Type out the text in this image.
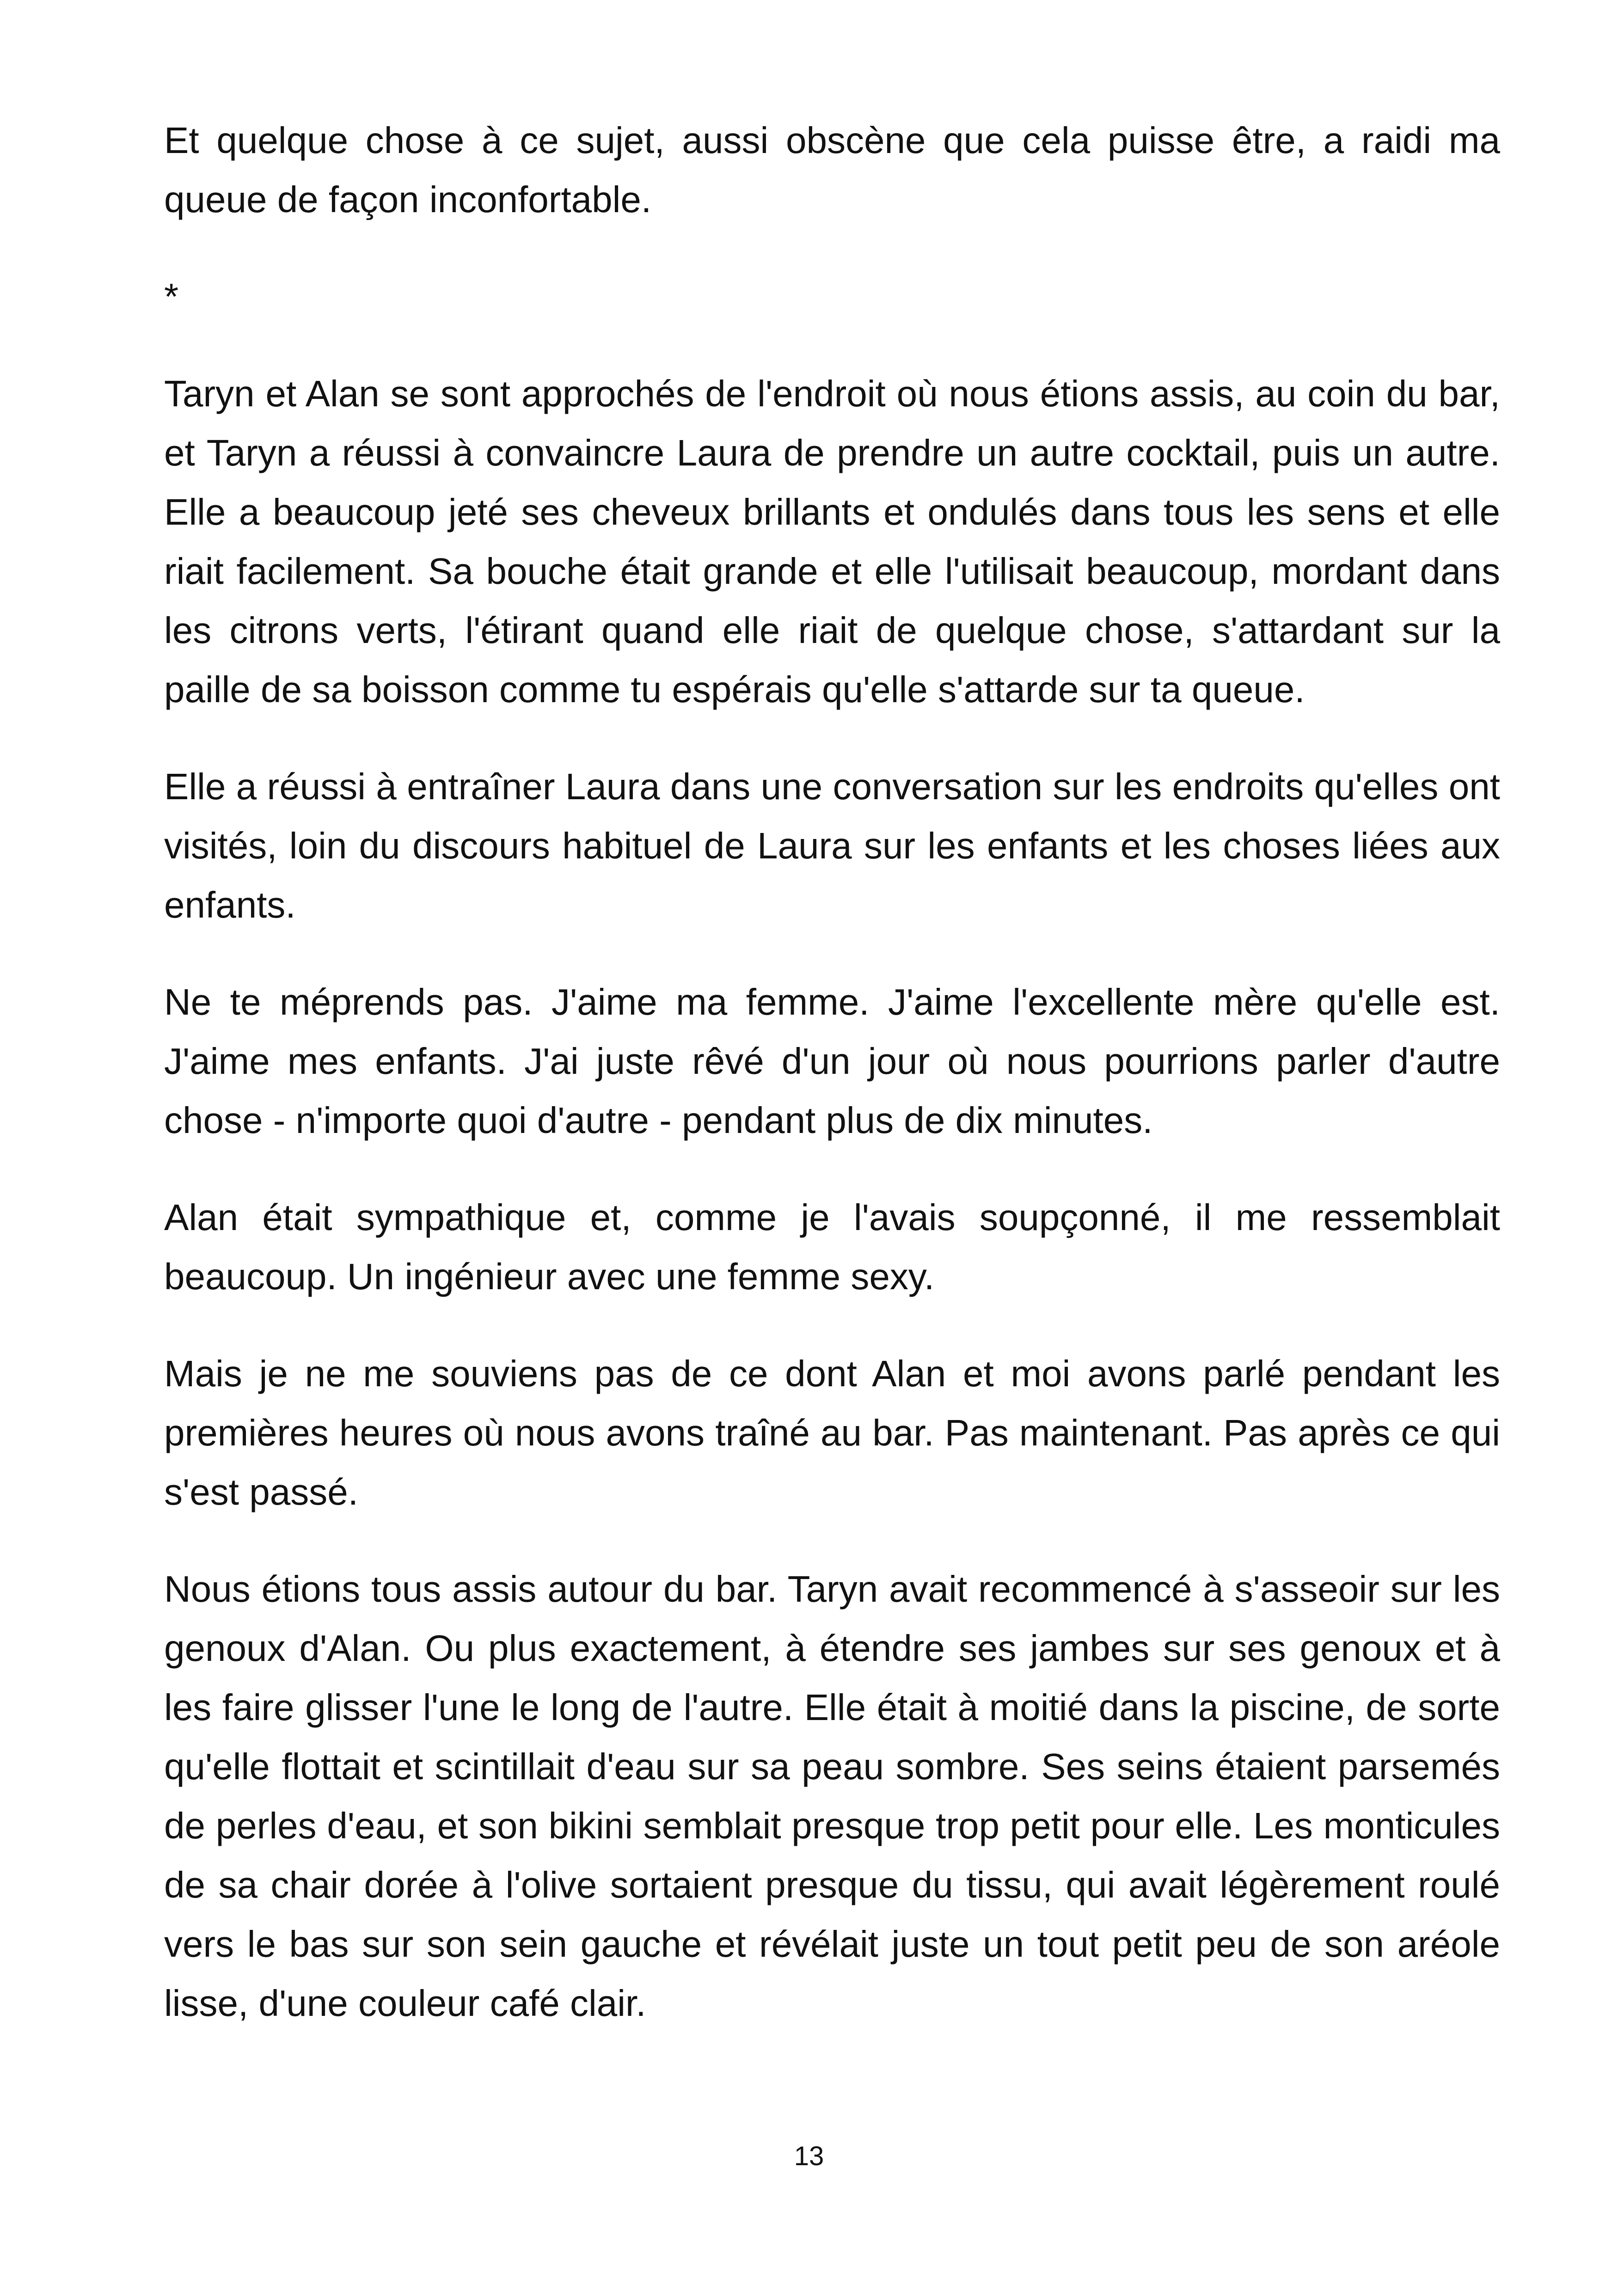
Et quelque chose à ce sujet, aussi obscène que cela puisse être, a raidi ma queue de façon inconfortable.

*

Taryn et Alan se sont approchés de l'endroit où nous étions assis, au coin du bar, et Taryn a réussi à convaincre Laura de prendre un autre cocktail, puis un autre. Elle a beaucoup jeté ses cheveux brillants et ondulés dans tous les sens et elle riait facilement. Sa bouche était grande et elle l'utilisait beaucoup, mordant dans les citrons verts, l'étirant quand elle riait de quelque chose, s'attardant sur la paille de sa boisson comme tu espérais qu'elle s'attarde sur ta queue.

Elle a réussi à entraîner Laura dans une conversation sur les endroits qu'elles ont visités, loin du discours habituel de Laura sur les enfants et les choses liées aux enfants.

Ne te méprends pas. J'aime ma femme. J'aime l'excellente mère qu'elle est. J'aime mes enfants. J'ai juste rêvé d'un jour où nous pourrions parler d'autre chose - n'importe quoi d'autre - pendant plus de dix minutes.

Alan était sympathique et, comme je l'avais soupçonné, il me ressemblait beaucoup. Un ingénieur avec une femme sexy.

Mais je ne me souviens pas de ce dont Alan et moi avons parlé pendant les premières heures où nous avons traîné au bar. Pas maintenant. Pas après ce qui s'est passé.

Nous étions tous assis autour du bar. Taryn avait recommencé à s'asseoir sur les genoux d'Alan. Ou plus exactement, à étendre ses jambes sur ses genoux et à les faire glisser l'une le long de l'autre. Elle était à moitié dans la piscine, de sorte qu'elle flottait et scintillait d'eau sur sa peau sombre. Ses seins étaient parsemés de perles d'eau, et son bikini semblait presque trop petit pour elle. Les monticules de sa chair dorée à l'olive sortaient presque du tissu, qui avait légèrement roulé vers le bas sur son sein gauche et révélait juste un tout petit peu de son aréole lisse, d'une couleur café clair.

13
